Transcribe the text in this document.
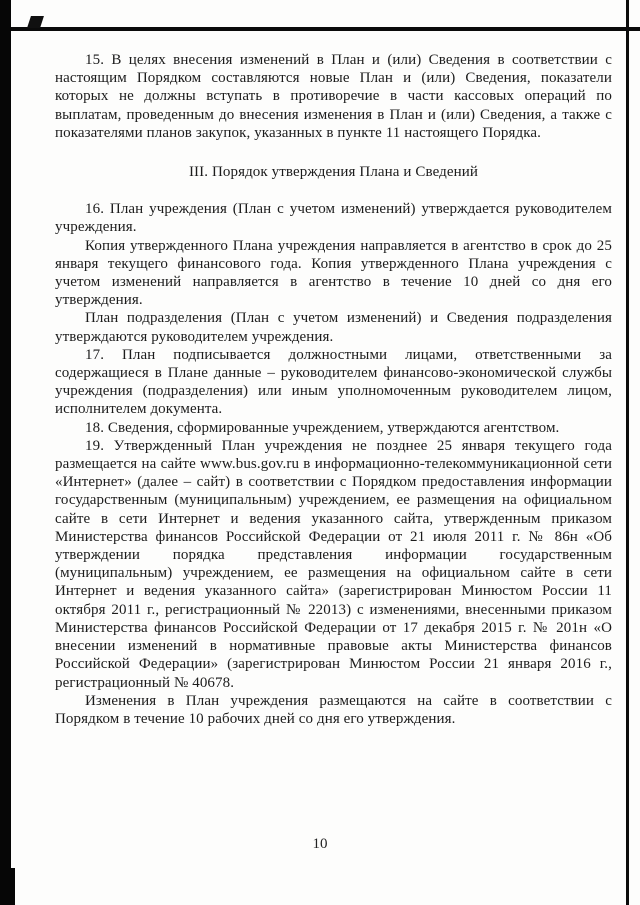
15. В целях внесения изменений в План и (или) Сведения в соответствии с настоящим Порядком составляются новые План и (или) Сведения, показатели которых не должны вступать в противоречие в части кассовых операций по выплатам, проведенным до внесения изменения в План и (или) Сведения, а также с показателями планов закупок, указанных в пункте 11 настоящего Порядка.

III. Порядок утверждения Плана и Сведений

16. План учреждения (План с учетом изменений) утверждается руководителем учреждения.

Копия утвержденного Плана учреждения направляется в агентство в срок до 25 января текущего финансового года. Копия утвержденного Плана учреждения с учетом изменений направляется в агентство в течение 10 дней со дня его утверждения.

План подразделения (План с учетом изменений) и Сведения подразделения утверждаются руководителем учреждения.

17. План подписывается должностными лицами, ответственными за содержащиеся в Плане данные – руководителем финансово-экономической службы учреждения (подразделения) или иным уполномоченным руководителем лицом, исполнителем документа.

18. Сведения, сформированные учреждением, утверждаются агентством.

19. Утвержденный План учреждения не позднее 25 января текущего года размещается на сайте www.bus.gov.ru в информационно-телекоммуникационной сети «Интернет» (далее – сайт) в соответствии с Порядком предоставления информации государственным (муниципальным) учреждением, ее размещения на официальном сайте в сети Интернет и ведения указанного сайта, утвержденным приказом Министерства финансов Российской Федерации от 21 июля 2011 г. № 86н «Об утверждении порядка представления информации государственным (муниципальным) учреждением, ее размещения на официальном сайте в сети Интернет и ведения указанного сайта» (зарегистрирован Минюстом России 11 октября 2011 г., регистрационный № 22013) с изменениями, внесенными приказом Министерства финансов Российской Федерации от 17 декабря 2015 г. № 201н «О внесении изменений в нормативные правовые акты Министерства финансов Российской Федерации» (зарегистрирован Минюстом России 21 января 2016 г., регистрационный № 40678.

Изменения в План учреждения размещаются на сайте в соответствии с Порядком в течение 10 рабочих дней со дня его утверждения.

10
